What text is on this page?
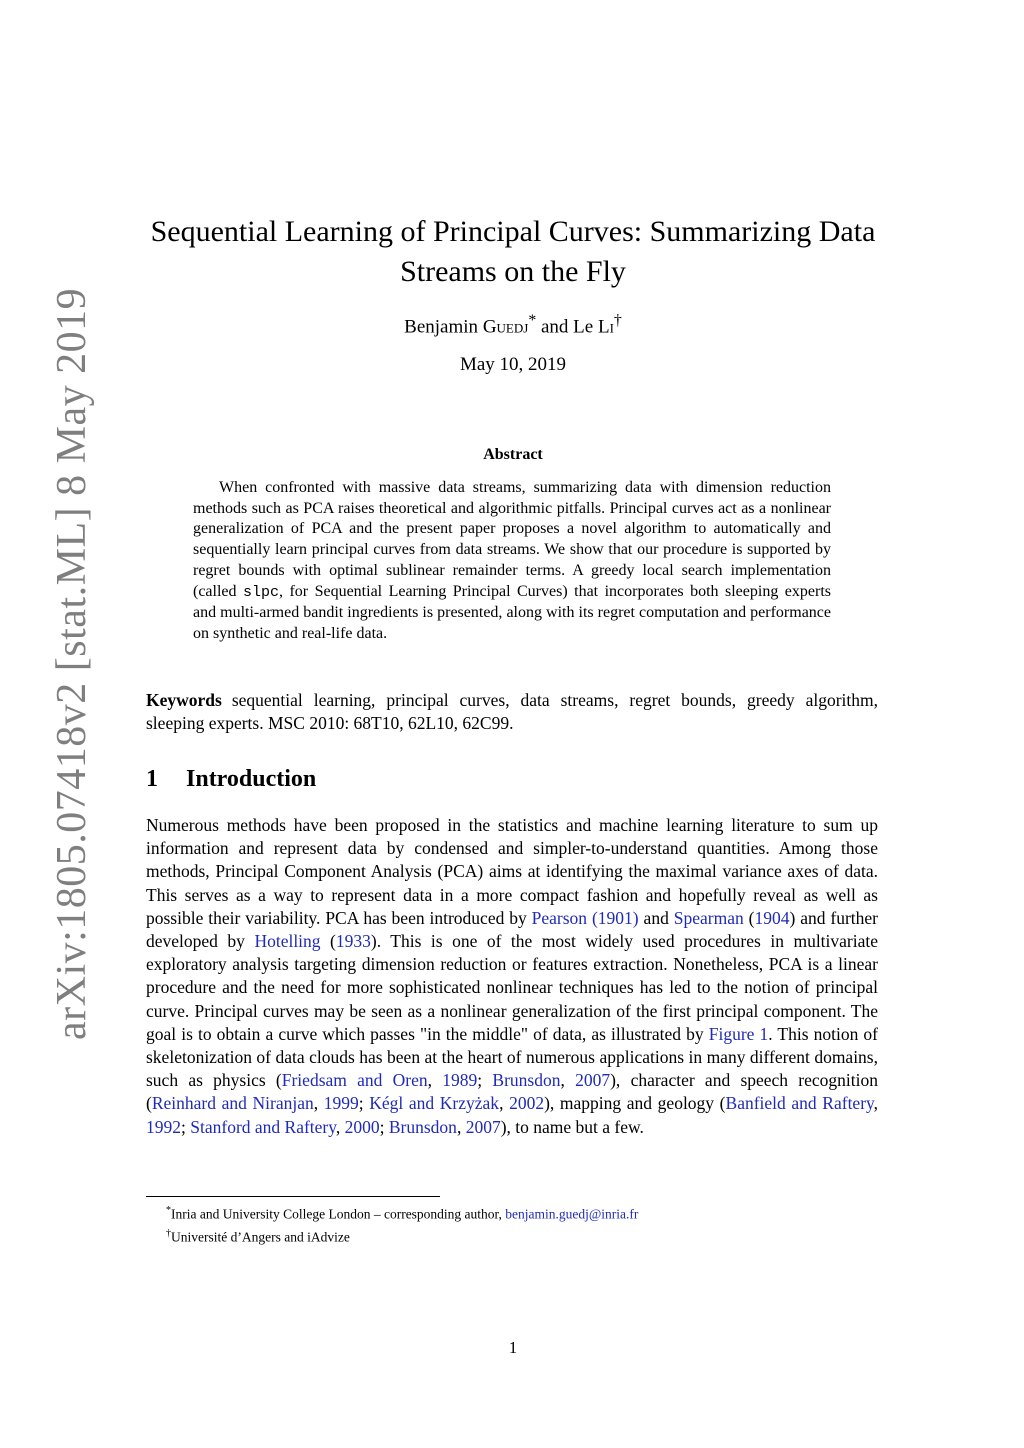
arXiv:1805.07418v2 [stat.ML] 8 May 2019
Sequential Learning of Principal Curves: Summarizing Data
Streams on the Fly
Benjamin Guedj* and Le Li†
May 10, 2019
Abstract
When confronted with massive data streams, summarizing data with dimension reduction methods such as PCA raises theoretical and algorithmic pitfalls. Principal curves act as a nonlinear generalization of PCA and the present paper proposes a novel algorithm to automatically and sequentially learn principal curves from data streams. We show that our procedure is supported by regret bounds with optimal sublinear remainder terms. A greedy local search implementation (called slpc, for Sequential Learning Principal Curves) that incorporates both sleeping experts and multi-armed bandit ingredients is presented, along with its regret computation and performance on synthetic and real-life data.
Keywords sequential learning, principal curves, data streams, regret bounds, greedy algorithm, sleeping experts. MSC 2010: 68T10, 62L10, 62C99.
1 Introduction
Numerous methods have been proposed in the statistics and machine learning literature to sum up information and represent data by condensed and simpler-to-understand quantities. Among those methods, Principal Component Analysis (PCA) aims at identifying the maximal variance axes of data. This serves as a way to represent data in a more compact fashion and hopefully reveal as well as possible their variability. PCA has been introduced by Pearson (1901) and Spearman (1904) and further developed by Hotelling (1933). This is one of the most widely used procedures in multivariate exploratory analysis targeting dimension reduction or features extraction. Nonetheless, PCA is a linear procedure and the need for more sophisticated nonlinear techniques has led to the notion of principal curve. Principal curves may be seen as a nonlinear generalization of the first principal component. The goal is to obtain a curve which passes "in the middle" of data, as illustrated by Figure 1. This notion of skeletonization of data clouds has been at the heart of numerous applications in many different domains, such as physics (Friedsam and Oren, 1989; Brunsdon, 2007), character and speech recognition (Reinhard and Niranjan, 1999; Kégl and Krzyżak, 2002), mapping and geology (Banfield and Raftery, 1992; Stanford and Raftery, 2000; Brunsdon, 2007), to name but a few.
*Inria and University College London – corresponding author, benjamin.guedj@inria.fr
†Université d’Angers and iAdvize
1
